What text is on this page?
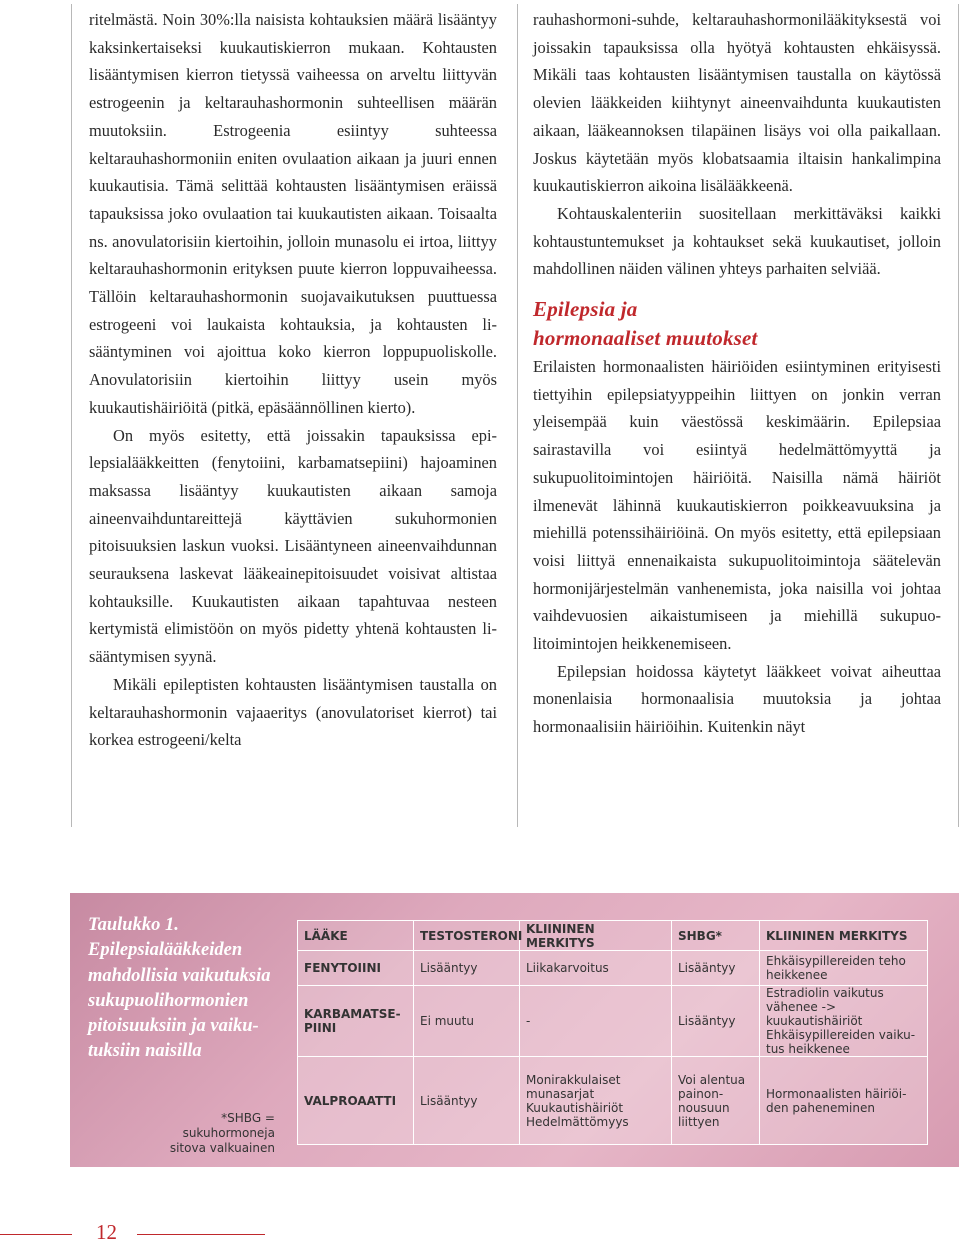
ritelmästä. Noin 30%:lla naisista kohtauksien määrä lisääntyy kaksinkertaiseksi kuukautiskierron mukaan. Kohtausten lisääntymisen kierron tietyssä vaiheessa on arveltu liittyvän estrogeenin ja keltarauhashormonin suhteellisen määrän muutoksiin. Estrogeenia esiintyy suhteessa keltarauhashormoniin eniten ovulaation aikaan ja juuri ennen kuukautisia. Tämä selittää kohtausten lisääntymisen eräissä tapauksissa joko ovulaation tai kuukautisten aikaan. Toisaalta ns. anovulatorisiin kiertoihin, jolloin munasolu ei irtoa, liittyy keltarauhashormonin erityksen puute kierron loppuvaiheessa. Tällöin keltarauhashormonin suojavaikutuksen puuttuessa estrogeeni voi laukaista kohtauksia, ja kohtausten lisääntyminen voi ajoittua koko kierron loppupuoliskolle. Anovulatorisiin kiertoihin liittyy usein myös kuukautishäiriöitä (pitkä, epäsäännöllinen kierto).

On myös esitetty, että joissakin tapauksissa epilepsialääkkeitten (fenytoiini, karbamatsepiini) hajoaminen maksassa lisääntyy kuukautisten aikaan samoja aineenvaihduntareittejä käyttävien sukuhormonien pitoisuuksien laskun vuoksi. Lisääntyneen aineenvaihdunnan seurauksena laskevat lääkeainepitoisuudet voisivat altistaa kohtauksille. Kuukautisten aikaan tapahtuvaa nesteen kertymistä elimistöön on myös pidetty yhtenä kohtausten lisääntymisen syynä.

Mikäli epileptisten kohtausten lisääntymisen taustalla on keltarauhashormonin vajaaeritys (anovulatoriset kierrot) tai korkea estrogeeni/kelta

rauhashormoni-suhde, keltarauhashormonilääkityksestä voi joissakin tapauksissa olla hyötyä kohtausten ehkäisyssä. Mikäli taas kohtausten lisääntymisen taustalla on käytössä olevien lääkkeiden kiihtynyt aineenvaihdunta kuukautisten aikaan, lääkeannoksen tilapäinen lisäys voi olla paikallaan. Joskus käytetään myös klobatsaamia iltaisin hankalimpina kuukautiskierron aikoina lisälääkkeenä.

Kohtauskalenteriin suositellaan merkittäväksi kaikki kohtaustuntemukset ja kohtaukset sekä kuukautiset, jolloin mahdollinen näiden välinen yhteys parhaiten selviää.

Epilepsia ja
hormonaaliset muutokset

Erilaisten hormonaalisten häiriöiden esiintyminen erityisesti tiettyihin epilepsiatyyppeihin liittyen on jonkin verran yleisempää kuin väestössä keskimäärin. Epilepsiaa sairastavilla voi esiintyä hedelmättömyyttä ja sukupuolitoimintojen häiriöitä. Naisilla nämä häiriöt ilmenevät lähinnä kuukautiskierron poikkeavuuksina ja miehillä potenssihäiriöinä. On myös esitetty, että epilepsiaan voisi liittyä ennenaikaista sukupuolitoimintoja säätelevän hormonijärjestelmän vanhenemista, joka naisilla voi johtaa vaihdevuosien aikaistumiseen ja miehillä sukupuolitoimintojen heikkenemiseen.

Epilepsian hoidossa käytetyt lääkkeet voivat aiheuttaa monenlaisia hormonaalisia muutoksia ja johtaa hormonaalisiin häiriöihin. Kuitenkin näyt

Taulukko 1.
Epilepsialääkkeiden mahdollisia vaikutuksia sukupuolihormonien pitoisuuksiin ja vaikutuksiin naisilla
*SHBG = sukuhormoneja
sitova valkuainen
LÄÄKE	TESTOSTERONI	KLIININEN MERKITYS	SHBG*	KLIININEN MERKITYS
FENYTOIINI	Lisääntyy	Liikakarvoitus	Lisääntyy	Ehkäisypillereiden teho
heikkenee
KARBAMATSEPIINI	Ei muutu	-	Lisääntyy	Estradiolin vaikutus vähenee -> kuukautishäiriöt
Ehkäisypillereiden vaikutus heikkenee
VALPROAATTI	Lisääntyy	Monirakkulaiset
munasarjat
Kuukautishäiriöt
Hedelmättömyys	Voi alentua painonnousuun liittyen	Hormonaalisten häiriöiden paheneminen
12
